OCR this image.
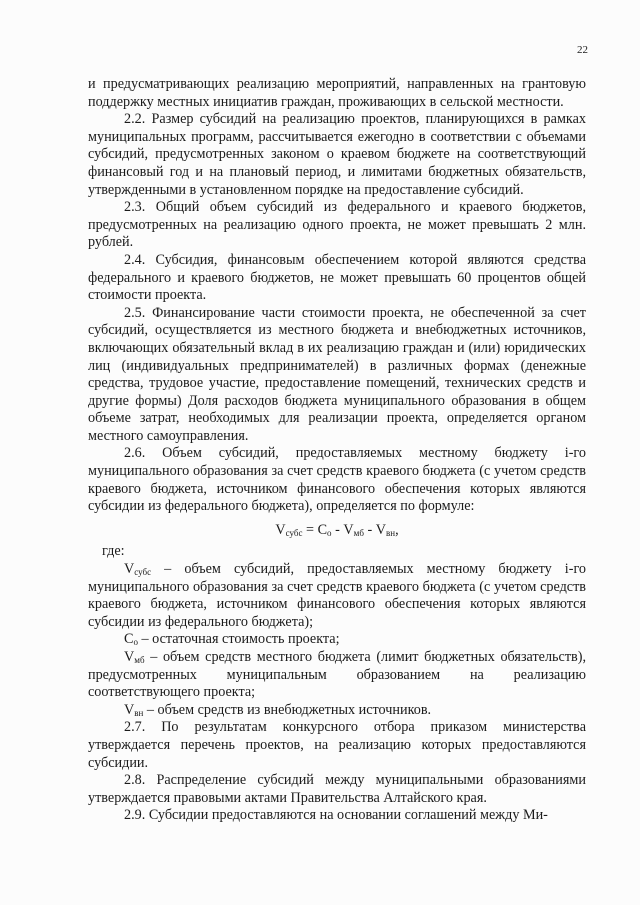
22

и предусматривающих реализацию мероприятий, направленных на грантовую поддержку местных инициатив граждан, проживающих в сельской местности.

2.2. Размер субсидий на реализацию проектов, планирующихся в рамках муниципальных программ, рассчитывается ежегодно в соответствии с объемами субсидий, предусмотренных законом о краевом бюджете на соответствующий финансовый год и на плановый период, и лимитами бюджетных обязательств, утвержденными в установленном порядке на предоставление субсидий.

2.3. Общий объем субсидий из федерального и краевого бюджетов, предусмотренных на реализацию одного проекта, не может превышать 2 млн. рублей.

2.4. Субсидия, финансовым обеспечением которой являются средства федерального и краевого бюджетов, не может превышать 60 процентов общей стоимости проекта.

2.5. Финансирование части стоимости проекта, не обеспеченной за счет субсидий, осуществляется из местного бюджета и внебюджетных источников, включающих обязательный вклад в их реализацию граждан и (или) юридических лиц (индивидуальных предпринимателей) в различных формах (денежные средства, трудовое участие, предоставление помещений, технических средств и другие формы) Доля расходов бюджета муниципального образования в общем объеме затрат, необходимых для реализации проекта, определяется органом местного самоуправления.

2.6. Объем субсидий, предоставляемых местному бюджету i-го муниципального образования за счет средств краевого бюджета (с учетом средств краевого бюджета, источником финансового обеспечения которых являются субсидии из федерального бюджета), определяется по формуле:

$V_{субс} = C_о - V_{мб} - V_{вн}$,

где:

$V_{субс}$ – объем субсидий, предоставляемых местному бюджету i-го муниципального образования за счет средств краевого бюджета (с учетом средств краевого бюджета, источником финансового обеспечения которых являются субсидии из федерального бюджета);

$C_о$ – остаточная стоимость проекта;

$V_{мб}$ – объем средств местного бюджета (лимит бюджетных обязательств), предусмотренных муниципальным образованием на реализацию соответствующего проекта;

$V_{вн}$ – объем средств из внебюджетных источников.

2.7. По результатам конкурсного отбора приказом министерства утверждается перечень проектов, на реализацию которых предоставляются субсидии.

2.8. Распределение субсидий между муниципальными образованиями утверждается правовыми актами Правительства Алтайского края.

2.9. Субсидии предоставляются на основании соглашений между Ми-
